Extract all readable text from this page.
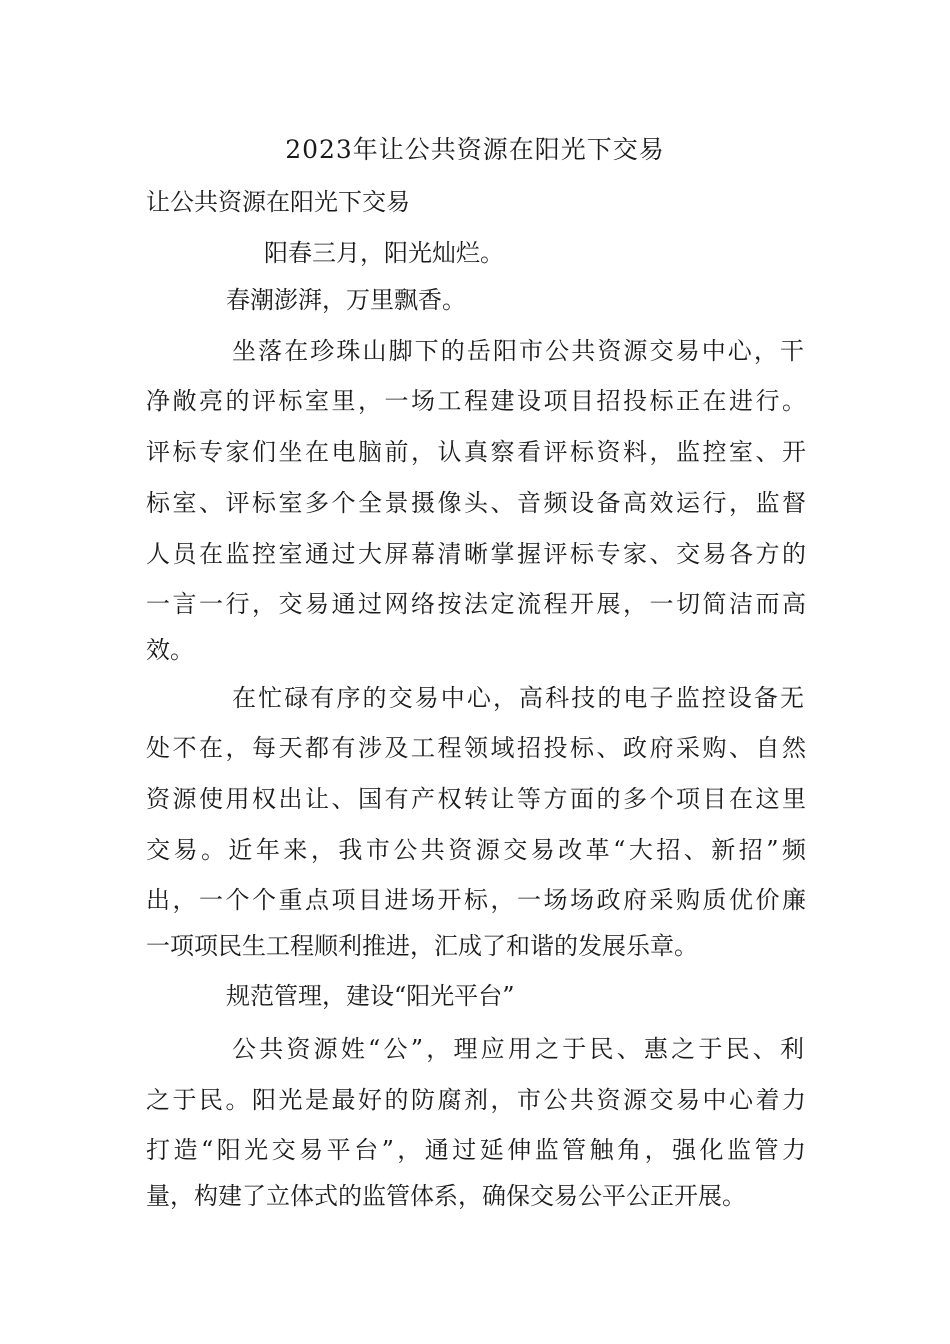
2023年让公共资源在阳光下交易
让公共资源在阳光下交易
阳春三月，阳光灿烂。
春潮澎湃，万里飘香。
坐落在珍珠山脚下的岳阳市公共资源交易中心，干
净敞亮的评标室里，一场工程建设项目招投标正在进行。
评标专家们坐在电脑前，认真察看评标资料，监控室、开
标室、评标室多个全景摄像头、音频设备高效运行，监督
人员在监控室通过大屏幕清晰掌握评标专家、交易各方的
一言一行，交易通过网络按法定流程开展，一切简洁而高
效。
在忙碌有序的交易中心，高科技的电子监控设备无
处不在，每天都有涉及工程领域招投标、政府采购、自然
资源使用权出让、国有产权转让等方面的多个项目在这里
交易。近年来，我市公共资源交易改革“大招、新招”频
出，一个个重点项目进场开标，一场场政府采购质优价廉
一项项民生工程顺利推进，汇成了和谐的发展乐章。
规范管理，建设“阳光平台”
公共资源姓“公”，理应用之于民、惠之于民、利
之于民。阳光是最好的防腐剂，市公共资源交易中心着力
打造“阳光交易平台”，通过延伸监管触角，强化监管力
量，构建了立体式的监管体系，确保交易公平公正开展。
